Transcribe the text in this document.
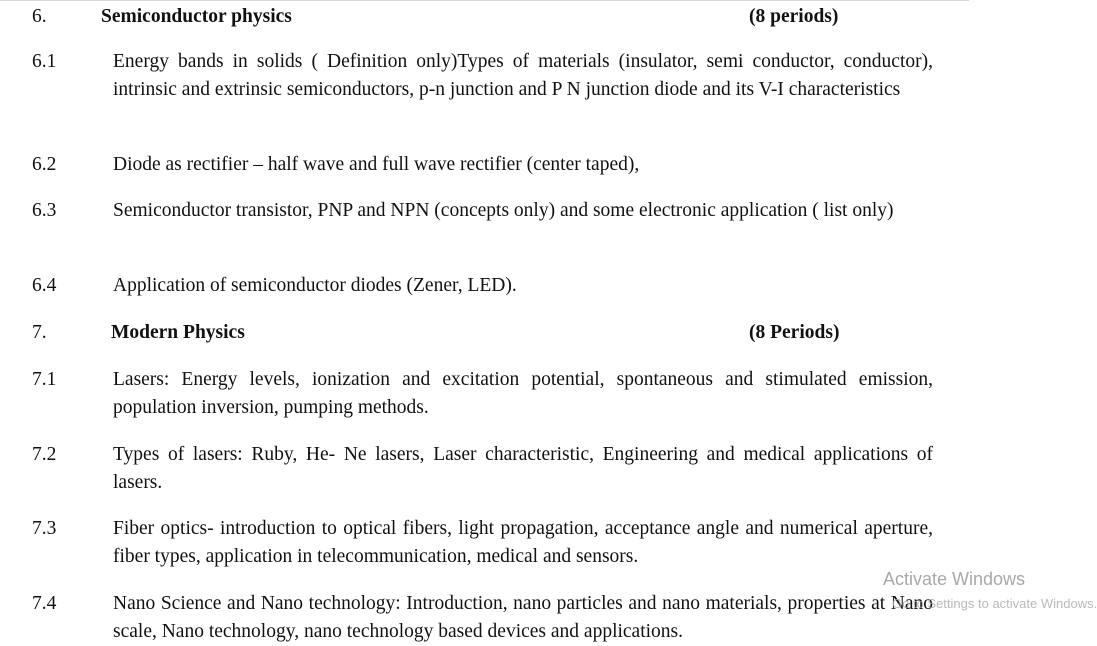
6.	Semiconductor physics	(8 periods)
6.1	Energy bands in solids ( Definition only)Types of materials (insulator, semi conductor, conductor), intrinsic and extrinsic semiconductors, p-n junction and P N junction diode and its V-I characteristics
6.2	Diode as rectifier – half wave and full wave rectifier (center taped),
6.3	Semiconductor transistor, PNP and NPN (concepts only) and some electronic application ( list only)
6.4	Application of semiconductor diodes (Zener, LED).
7.	Modern Physics	(8 Periods)
7.1	Lasers: Energy levels, ionization and excitation potential, spontaneous and stimulated emission, population inversion, pumping methods.
7.2	Types of lasers: Ruby, He- Ne lasers, Laser characteristic, Engineering and medical applications of lasers.
7.3	Fiber optics- introduction to optical fibers, light propagation, acceptance angle and numerical aperture, fiber types, application in telecommunication, medical and sensors.
7.4	Nano Science and Nano technology: Introduction, nano particles and nano materials, properties at Nano scale, Nano technology, nano technology based devices and applications.
Activate Windows
Go to Settings to activate Windows.
